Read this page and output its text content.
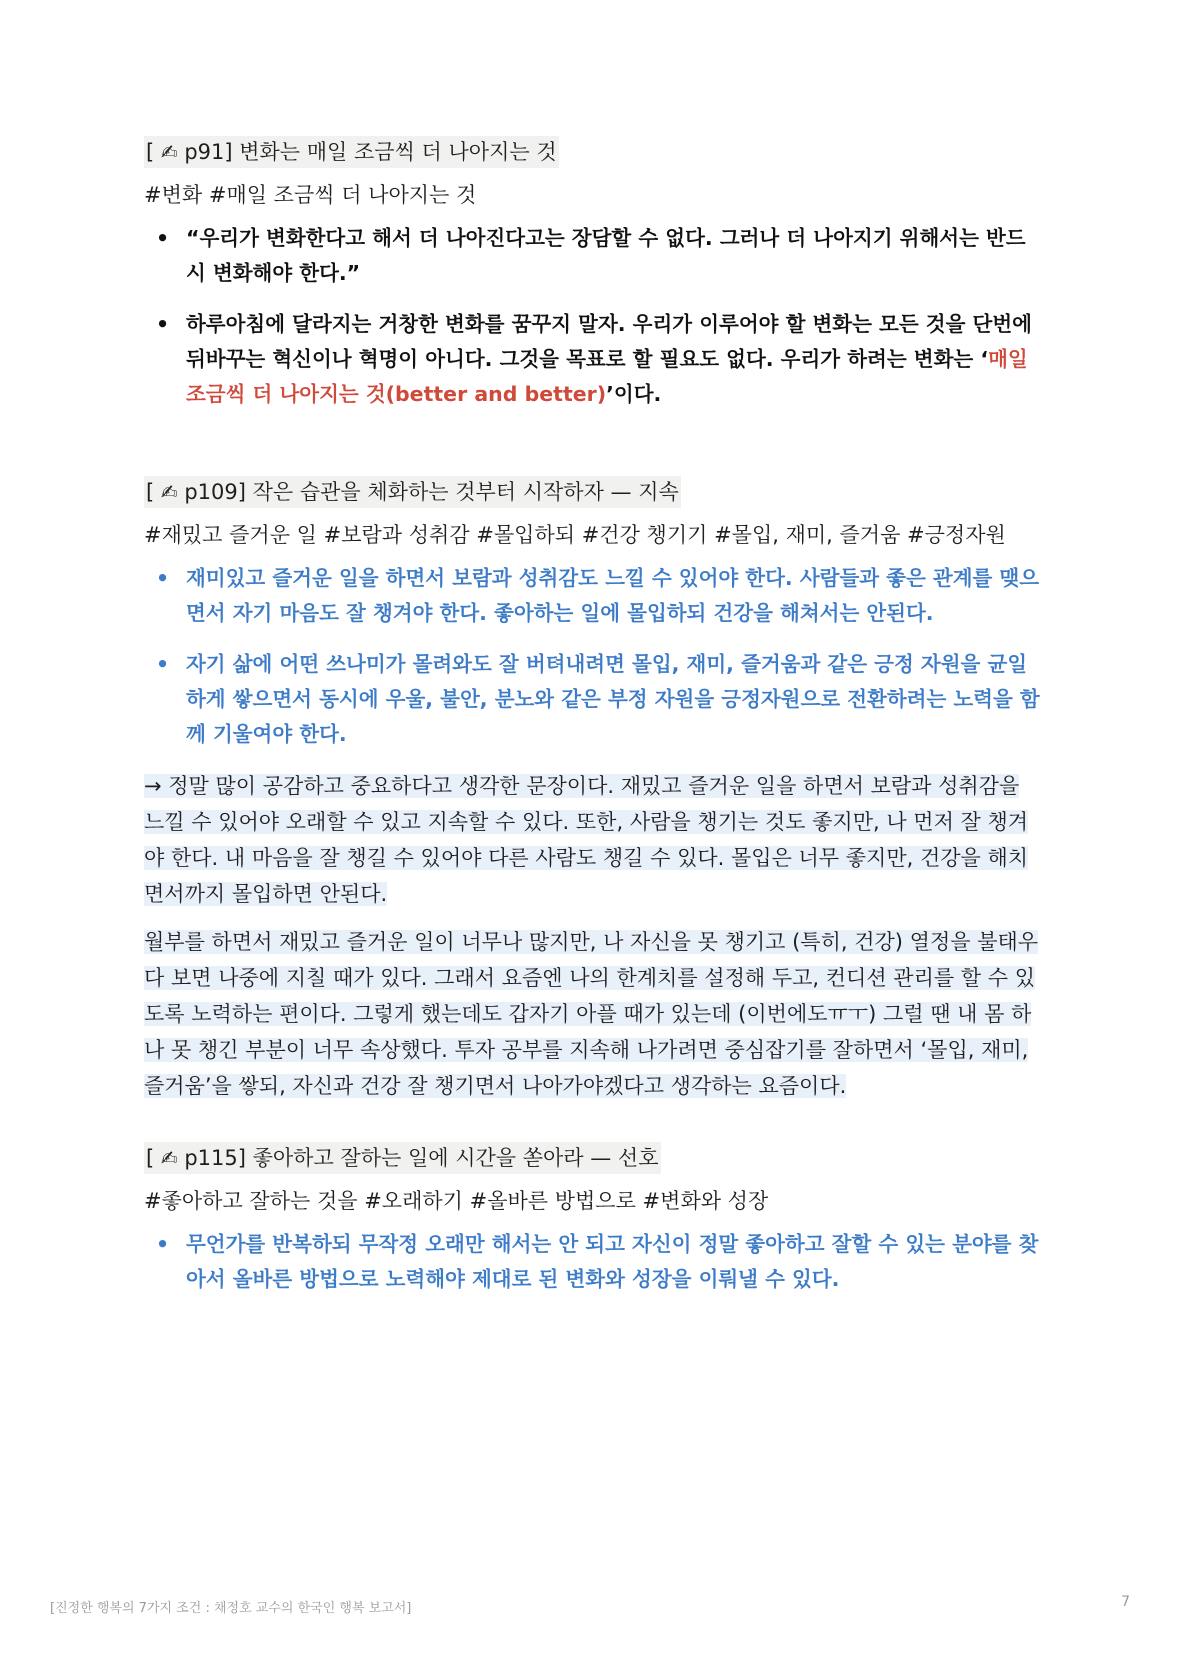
[ ✍ p91] 변화는 매일 조금씩 더 나아지는 것

#변화 #매일 조금씩 더 나아지는 것

• “우리가 변화한다고 해서 더 나아진다고는 장담할 수 없다. 그러나 더 나아지기 위해서는 반드시 변화해야 한다.”
• 하루아침에 달라지는 거창한 변화를 꿈꾸지 말자. 우리가 이루어야 할 변화는 모든 것을 단번에 뒤바꾸는 혁신이나 혁명이 아니다. 그것을 목표로 할 필요도 없다. 우리가 하려는 변화는 ‘매일 조금씩 더 나아지는 것(better and better)’이다.

[ ✍ p109] 작은 습관을 체화하는 것부터 시작하자 — 지속

#재밌고 즐거운 일 #보람과 성취감 #몰입하되 #건강 챙기기 #몰입, 재미, 즐거움 #긍정자원

• 재미있고 즐거운 일을 하면서 보람과 성취감도 느낄 수 있어야 한다. 사람들과 좋은 관계를 맺으면서 자기 마음도 잘 챙겨야 한다. 좋아하는 일에 몰입하되 건강을 해쳐서는 안된다.
• 자기 삶에 어떤 쓰나미가 몰려와도 잘 버텨내려면 몰입, 재미, 즐거움과 같은 긍정 자원을 균일하게 쌓으면서 동시에 우울, 불안, 분노와 같은 부정 자원을 긍정자원으로 전환하려는 노력을 함께 기울여야 한다.

→ 정말 많이 공감하고 중요하다고 생각한 문장이다. 재밌고 즐거운 일을 하면서 보람과 성취감을 느낄 수 있어야 오래할 수 있고 지속할 수 있다. 또한, 사람을 챙기는 것도 좋지만, 나 먼저 잘 챙겨야 한다. 내 마음을 잘 챙길 수 있어야 다른 사람도 챙길 수 있다. 몰입은 너무 좋지만, 건강을 해치면서까지 몰입하면 안된다.

월부를 하면서 재밌고 즐거운 일이 너무나 많지만, 나 자신을 못 챙기고 (특히, 건강) 열정을 불태우다 보면 나중에 지칠 때가 있다. 그래서 요즘엔 나의 한계치를 설정해 두고, 컨디션 관리를 할 수 있도록 노력하는 편이다. 그렇게 했는데도 갑자기 아플 때가 있는데 (이번에도ㅠㅜ) 그럴 땐 내 몸 하나 못 챙긴 부분이 너무 속상했다. 투자 공부를 지속해 나가려면 중심잡기를 잘하면서 ‘몰입, 재미, 즐거움’을 쌓되, 자신과 건강 잘 챙기면서 나아가야겠다고 생각하는 요즘이다.

[ ✍ p115] 좋아하고 잘하는 일에 시간을 쏟아라 — 선호

#좋아하고 잘하는 것을 #오래하기 #올바른 방법으로 #변화와 성장

• 무언가를 반복하되 무작정 오래만 해서는 안 되고 자신이 정말 좋아하고 잘할 수 있는 분야를 찾아서 올바른 방법으로 노력해야 제대로 된 변화와 성장을 이뤄낼 수 있다.
[진정한 행복의 7가지 조건 : 채정호 교수의 한국인 행복 보고서]	7
